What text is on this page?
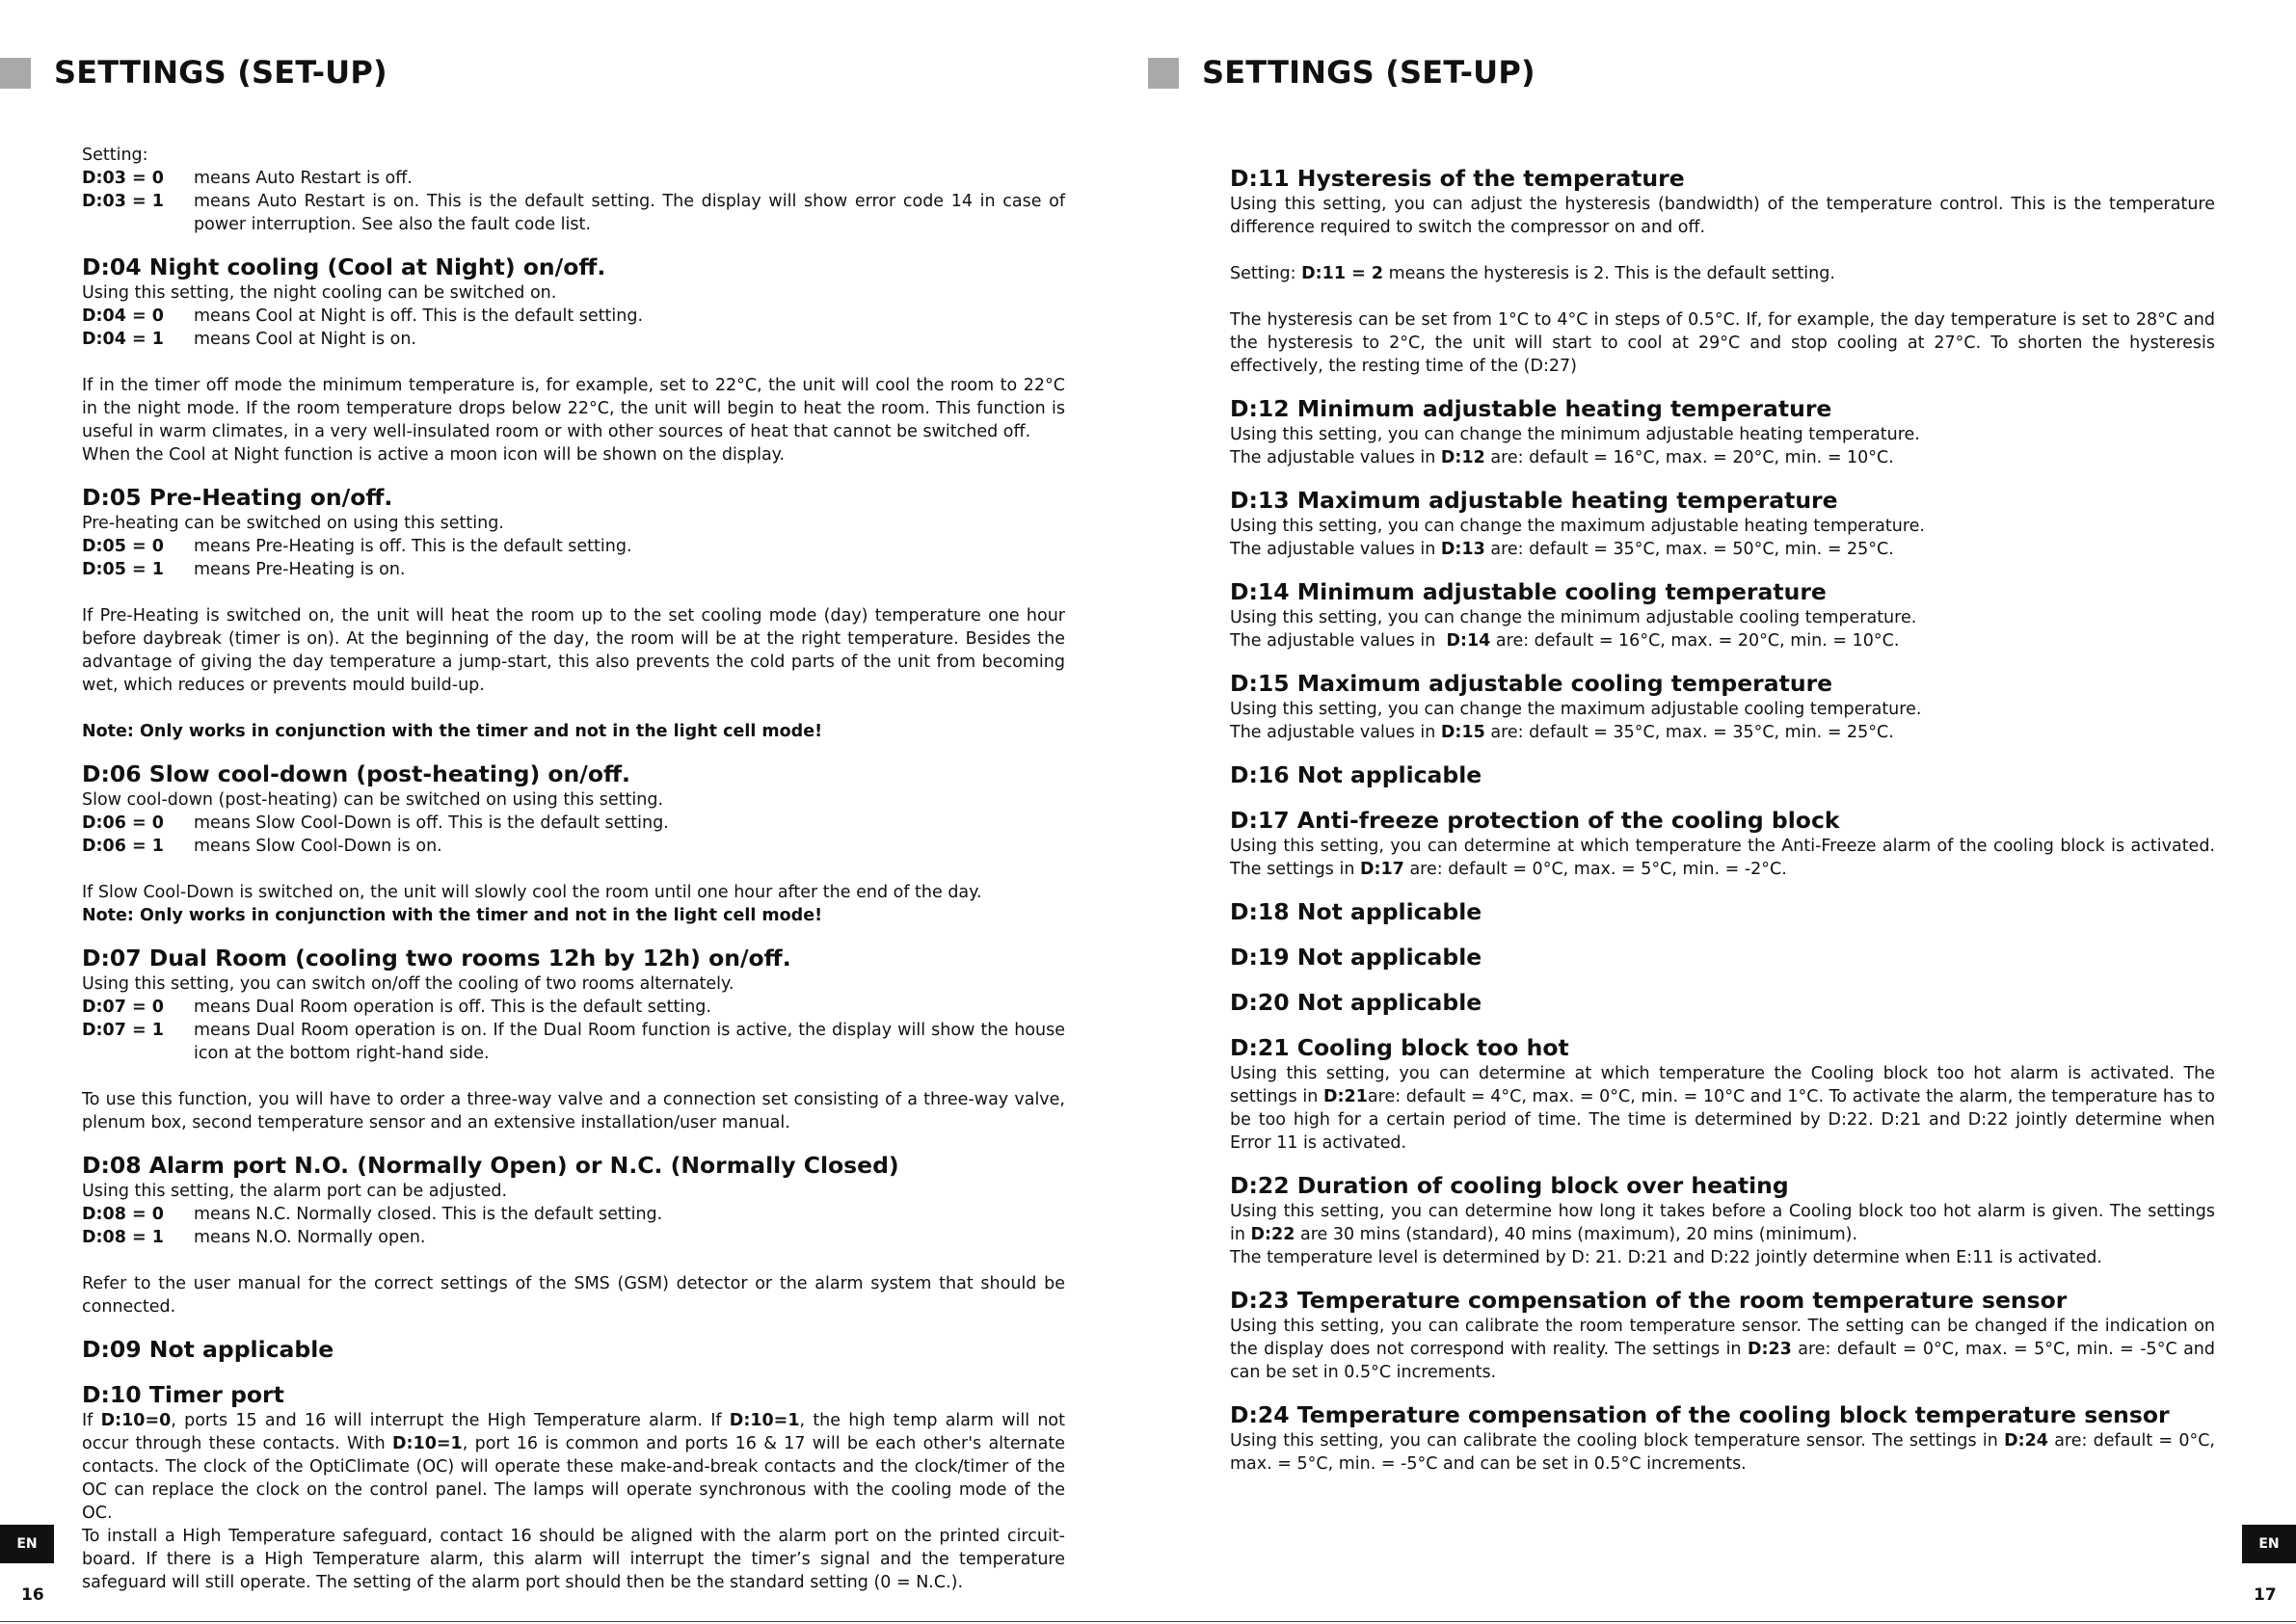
SETTINGS (SET-UP)

Setting:

D:03 = 0	means Auto Restart is off.
D:03 = 1	means Auto Restart is on. This is the default setting. The display will show error code 14 in case of power interruption. See also the fault code list.
D:04 Night cooling (Cool at Night) on/off.

Using this setting, the night cooling can be switched on.

D:04 = 0	means Cool at Night is off. This is the default setting.
D:04 = 1	means Cool at Night is on.

If in the timer off mode the minimum temperature is, for example, set to 22°C, the unit will cool the room to 22°C in the night mode. If the room temperature drops below 22°C, the unit will begin to heat the room. This function is useful in warm climates, in a very well-insulated room or with other sources of heat that cannot be switched off.

When the Cool at Night function is active a moon icon will be shown on the display.

D:05 Pre-Heating on/off.

Pre-heating can be switched on using this setting.

D:05 = 0	means Pre-Heating is off. This is the default setting.
D:05 = 1	means Pre-Heating is on.

If Pre-Heating is switched on, the unit will heat the room up to the set cooling mode (day) temperature one hour before daybreak (timer is on). At the beginning of the day, the room will be at the right temperature. Besides the advantage of giving the day temperature a jump-start, this also prevents the cold parts of the unit from becoming wet, which reduces or prevents mould build-up.

Note: Only works in conjunction with the timer and not in the light cell mode!

D:06 Slow cool-down (post-heating) on/off.

Slow cool-down (post-heating) can be switched on using this setting.

D:06 = 0	means Slow Cool-Down is off. This is the default setting.
D:06 = 1	means Slow Cool-Down is on.

If Slow Cool-Down is switched on, the unit will slowly cool the room until one hour after the end of the day.

Note: Only works in conjunction with the timer and not in the light cell mode!

D:07 Dual Room (cooling two rooms 12h by 12h) on/off.

Using this setting, you can switch on/off the cooling of two rooms alternately.

D:07 = 0	means Dual Room operation is off. This is the default setting.
D:07 = 1	means Dual Room operation is on. If the Dual Room function is active, the display will show the house icon at the bottom right-hand side.

To use this function, you will have to order a three-way valve and a connection set consisting of a three-way valve, plenum box, second temperature sensor and an extensive installation/user manual.

D:08 Alarm port N.O. (Normally Open) or N.C. (Normally Closed)

Using this setting, the alarm port can be adjusted.

D:08 = 0	means N.C. Normally closed. This is the default setting.
D:08 = 1	means N.O. Normally open.

Refer to the user manual for the correct settings of the SMS (GSM) detector or the alarm system that should be connected.

D:09 Not applicable
D:10 Timer port

If D:10=0, ports 15 and 16 will interrupt the High Temperature alarm. If D:10=1, the high temp alarm will not occur through these contacts. With D:10=1, port 16 is common and ports 16 & 17 will be each other's alternate contacts. The clock of the OptiClimate (OC) will operate these make-and-break contacts and the clock/timer of the OC can replace the clock on the control panel. The lamps will operate synchronous with the cooling mode of the OC.

To install a High Temperature safeguard, contact 16 should be aligned with the alarm port on the printed circuit-board. If there is a High Temperature alarm, this alarm will interrupt the timer’s signal and the temperature safeguard will still operate. The setting of the alarm port should then be the standard setting (0 = N.C.).

EN
16
SETTINGS (SET-UP)
D:11 Hysteresis of the temperature

Using this setting, you can adjust the hysteresis (bandwidth) of the temperature control. This is the temperature difference required to switch the compressor on and off.

Setting: D:11 = 2 means the hysteresis is 2. This is the default setting.

The hysteresis can be set from 1°C to 4°C in steps of 0.5°C. If, for example, the day temperature is set to 28°C and the hysteresis to 2°C, the unit will start to cool at 29°C and stop cooling at 27°C. To shorten the hysteresis effectively, the resting time of the (D:27)

D:12 Minimum adjustable heating temperature

Using this setting, you can change the minimum adjustable heating temperature.

The adjustable values in D:12 are: default = 16°C, max. = 20°C, min. = 10°C.

D:13 Maximum adjustable heating temperature

Using this setting, you can change the maximum adjustable heating temperature.

The adjustable values in D:13 are: default = 35°C, max. = 50°C, min. = 25°C.

D:14 Minimum adjustable cooling temperature

Using this setting, you can change the minimum adjustable cooling temperature.

The adjustable values in  D:14 are: default = 16°C, max. = 20°C, min. = 10°C.

D:15 Maximum adjustable cooling temperature

Using this setting, you can change the maximum adjustable cooling temperature.

The adjustable values in D:15 are: default = 35°C, max. = 35°C, min. = 25°C.

D:16 Not applicable
D:17 Anti-freeze protection of the cooling block

Using this setting, you can determine at which temperature the Anti-Freeze alarm of the cooling block is activated. The settings in D:17 are: default = 0°C, max. = 5°C, min. = -2°C.

D:18 Not applicable
D:19 Not applicable
D:20 Not applicable
D:21 Cooling block too hot

Using this setting, you can determine at which temperature the Cooling block too hot alarm is activated. The settings in D:21are: default = 4°C, max. = 0°C, min. = 10°C and 1°C. To activate the alarm, the temperature has to be too high for a certain period of time. The time is determined by D:22. D:21 and D:22 jointly determine when Error 11 is activated.

D:22 Duration of cooling block over heating

Using this setting, you can determine how long it takes before a Cooling block too hot alarm is given. The settings in D:22 are 30 mins (standard), 40 mins (maximum), 20 mins (minimum).

The temperature level is determined by D: 21. D:21 and D:22 jointly determine when E:11 is activated.

D:23 Temperature compensation of the room temperature sensor

Using this setting, you can calibrate the room temperature sensor. The setting can be changed if the indication on the display does not correspond with reality. The settings in D:23 are: default = 0°C, max. = 5°C, min. = -5°C and can be set in 0.5°C increments.

D:24 Temperature compensation of the cooling block temperature sensor

Using this setting, you can calibrate the cooling block temperature sensor. The settings in D:24 are: default = 0°C, max. = 5°C, min. = -5°C and can be set in 0.5°C increments.

EN
17
